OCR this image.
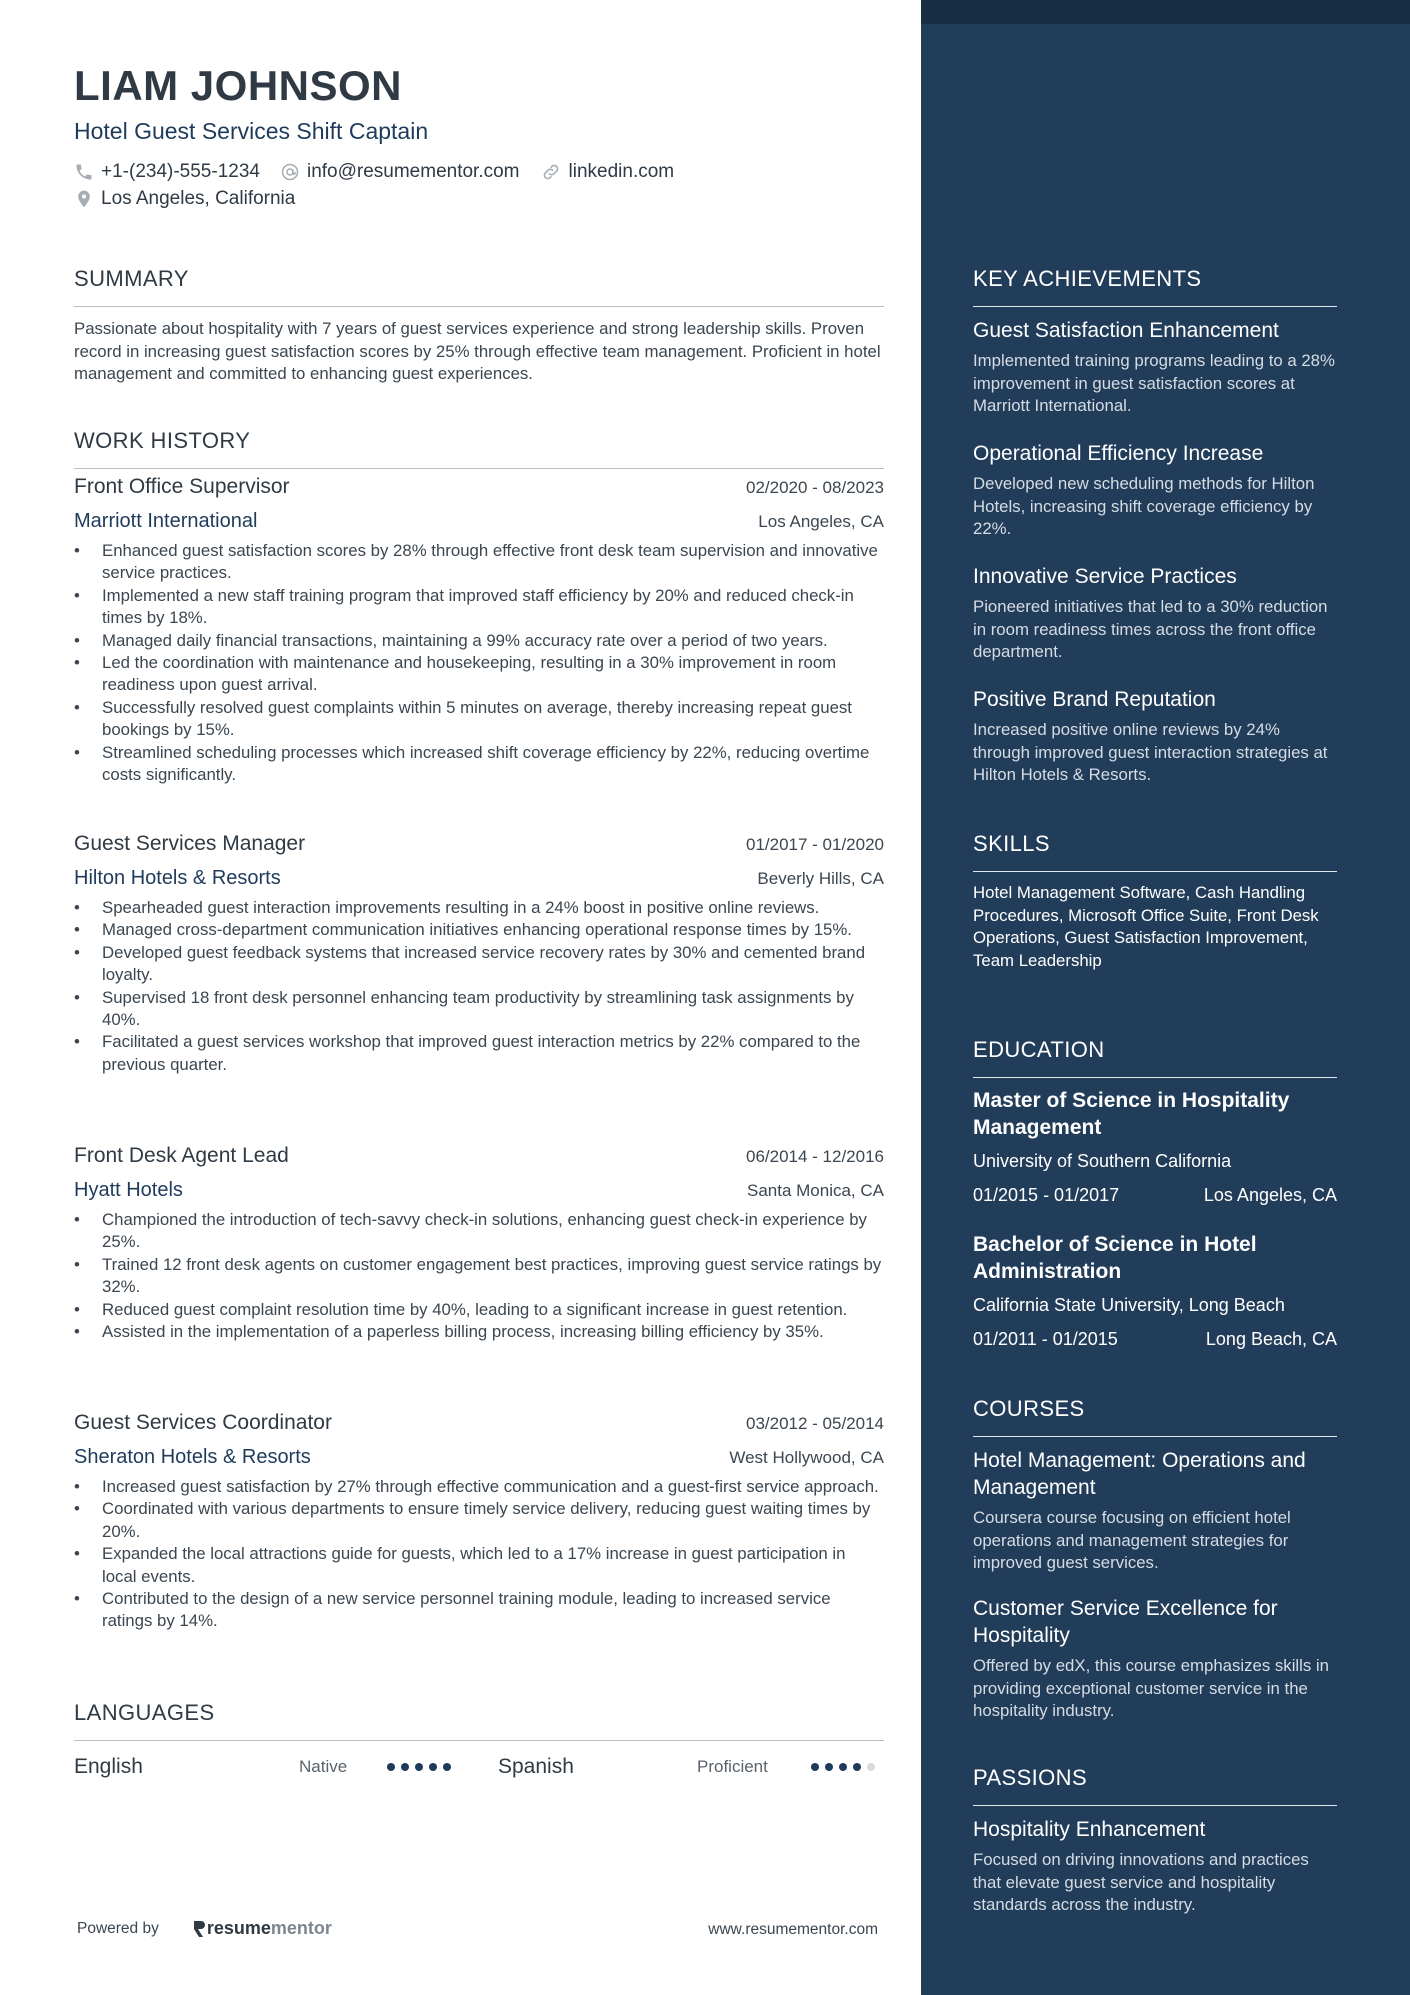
LIAM JOHNSON
Hotel Guest Services Shift Captain
+1-(234)-555-1234 info@resumementor.com	linkedin.com
Los Angeles, California
SUMMARY
Passionate about hospitality with 7 years of guest services experience and strong leadership skills. Proven record in increasing guest satisfaction scores by 25% through effective team management. Proficient in hotel management and committed to enhancing guest experiences.
WORK HISTORY
Front Office Supervisor	02/2020 - 08/2023
Marriott International	Los Angeles, CA
• Enhanced guest satisfaction scores by 28% through effective front desk team supervision and innovative service practices.
• Implemented a new staff training program that improved staff efficiency by 20% and reduced check-in times by 18%.
• Managed daily financial transactions, maintaining a 99% accuracy rate over a period of two years.
• Led the coordination with maintenance and housekeeping, resulting in a 30% improvement in room readiness upon guest arrival.
• Successfully resolved guest complaints within 5 minutes on average, thereby increasing repeat guest bookings by 15%.
• Streamlined scheduling processes which increased shift coverage efficiency by 22%, reducing overtime costs significantly.
Guest Services Manager	01/2017 - 01/2020
Hilton Hotels & Resorts	Beverly Hills, CA
• Spearheaded guest interaction improvements resulting in a 24% boost in positive online reviews.
• Managed cross-department communication initiatives enhancing operational response times by 15%.
• Developed guest feedback systems that increased service recovery rates by 30% and cemented brand loyalty.
• Supervised 18 front desk personnel enhancing team productivity by streamlining task assignments by 40%.
• Facilitated a guest services workshop that improved guest interaction metrics by 22% compared to the previous quarter.
Front Desk Agent Lead	06/2014 - 12/2016
Hyatt Hotels	Santa Monica, CA
• Championed the introduction of tech-savvy check-in solutions, enhancing guest check-in experience by 25%.
• Trained 12 front desk agents on customer engagement best practices, improving guest service ratings by 32%.
• Reduced guest complaint resolution time by 40%, leading to a significant increase in guest retention.
• Assisted in the implementation of a paperless billing process, increasing billing efficiency by 35%.
Guest Services Coordinator	03/2012 - 05/2014
Sheraton Hotels & Resorts	West Hollywood, CA
• Increased guest satisfaction by 27% through effective communication and a guest-first service approach.
• Coordinated with various departments to ensure timely service delivery, reducing guest waiting times by 20%.
• Expanded the local attractions guide for guests, which led to a 17% increase in guest participation in local events.
• Contributed to the design of a new service personnel training module, leading to increased service ratings by 14%.
LANGUAGES
English	Native	Spanish	Proficient
Powered by	resume mentor	www.resumementor.com
KEY ACHIEVEMENTS
Guest Satisfaction Enhancement
Implemented training programs leading to a 28% improvement in guest satisfaction scores at Marriott International.
Operational Efficiency Increase
Developed new scheduling methods for Hilton Hotels, increasing shift coverage efficiency by 22%.
Innovative Service Practices
Pioneered initiatives that led to a 30% reduction in room readiness times across the front office department.
Positive Brand Reputation
Increased positive online reviews by 24% through improved guest interaction strategies at Hilton Hotels & Resorts.
SKILLS
Hotel Management Software, Cash Handling Procedures, Microsoft Office Suite, Front Desk Operations, Guest Satisfaction Improvement, Team Leadership
EDUCATION
Master of Science in Hospitality Management
University of Southern California
01/2015 - 01/2017	Los Angeles, CA
Bachelor of Science in Hotel Administration
California State University, Long Beach
01/2011 - 01/2015	Long Beach, CA
COURSES
Hotel Management: Operations and Management
Coursera course focusing on efficient hotel operations and management strategies for improved guest services.
Customer Service Excellence for Hospitality
Offered by edX, this course emphasizes skills in providing exceptional customer service in the hospitality industry.
PASSIONS
Hospitality Enhancement
Focused on driving innovations and practices that elevate guest service and hospitality standards across the industry.
